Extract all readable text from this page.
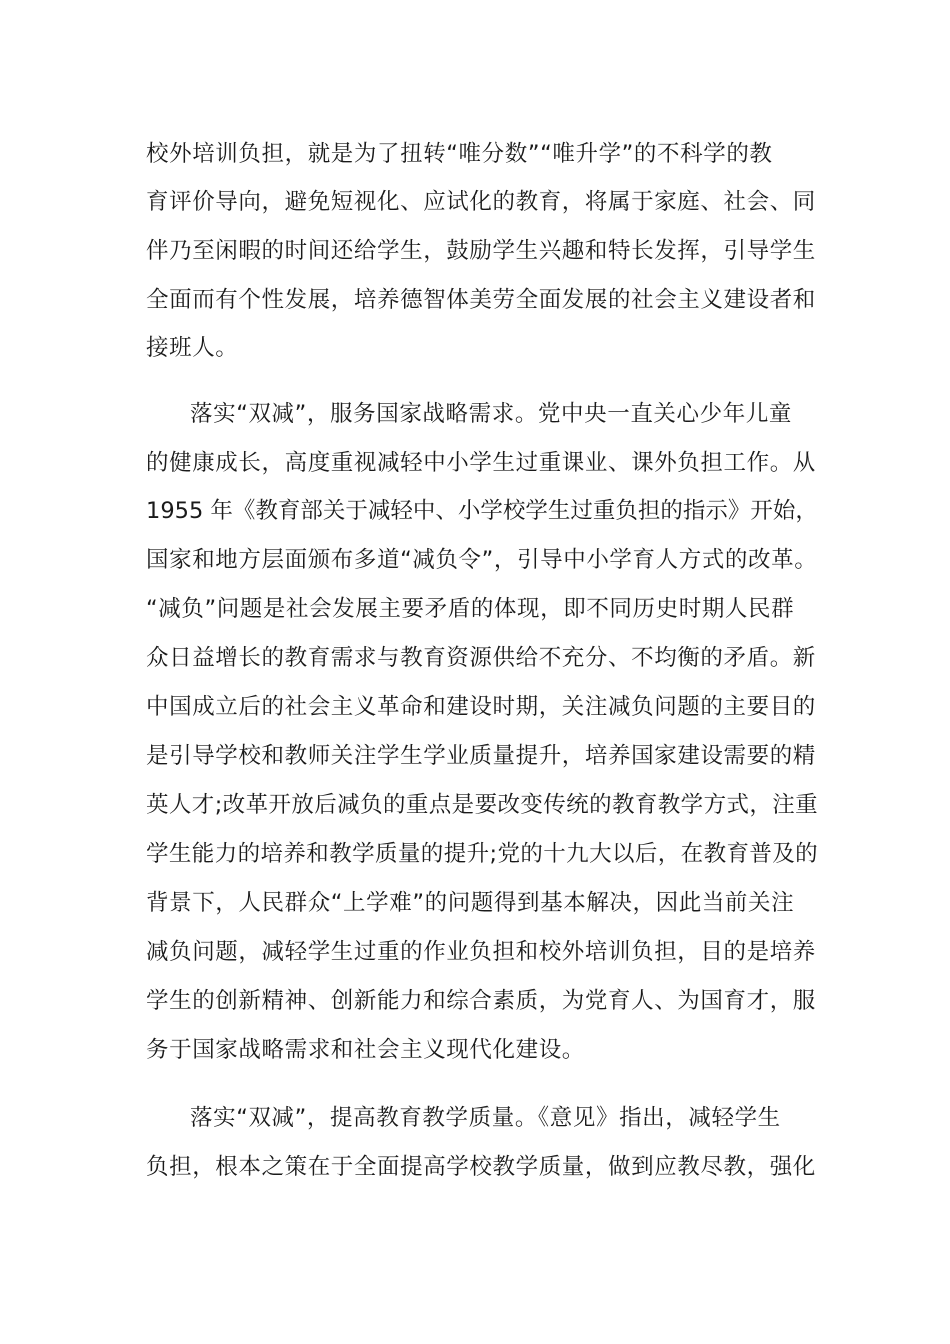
校外培训负担，就是为了扭转“唯分数”“唯升学”的不科学的教
育评价导向，避免短视化、应试化的教育，将属于家庭、社会、同
伴乃至闲暇的时间还给学生，鼓励学生兴趣和特长发挥，引导学生
全面而有个性发展，培养德智体美劳全面发展的社会主义建设者和
接班人。
落实“双减”，服务国家战略需求。党中央一直关心少年儿童
的健康成长，高度重视减轻中小学生过重课业、课外负担工作。从
1955 年《教育部关于减轻中、小学校学生过重负担的指示》开始，
国家和地方层面颁布多道“减负令”，引导中小学育人方式的改革。
“减负”问题是社会发展主要矛盾的体现，即不同历史时期人民群
众日益增长的教育需求与教育资源供给不充分、不均衡的矛盾。新
中国成立后的社会主义革命和建设时期，关注减负问题的主要目的
是引导学校和教师关注学生学业质量提升，培养国家建设需要的精
英人才;改革开放后减负的重点是要改变传统的教育教学方式，注重
学生能力的培养和教学质量的提升;党的十九大以后，在教育普及的
背景下，人民群众“上学难”的问题得到基本解决，因此当前关注
减负问题，减轻学生过重的作业负担和校外培训负担，目的是培养
学生的创新精神、创新能力和综合素质，为党育人、为国育才，服
务于国家战略需求和社会主义现代化建设。
落实“双减”，提高教育教学质量。《意见》指出，减轻学生
负担，根本之策在于全面提高学校教学质量，做到应教尽教，强化
